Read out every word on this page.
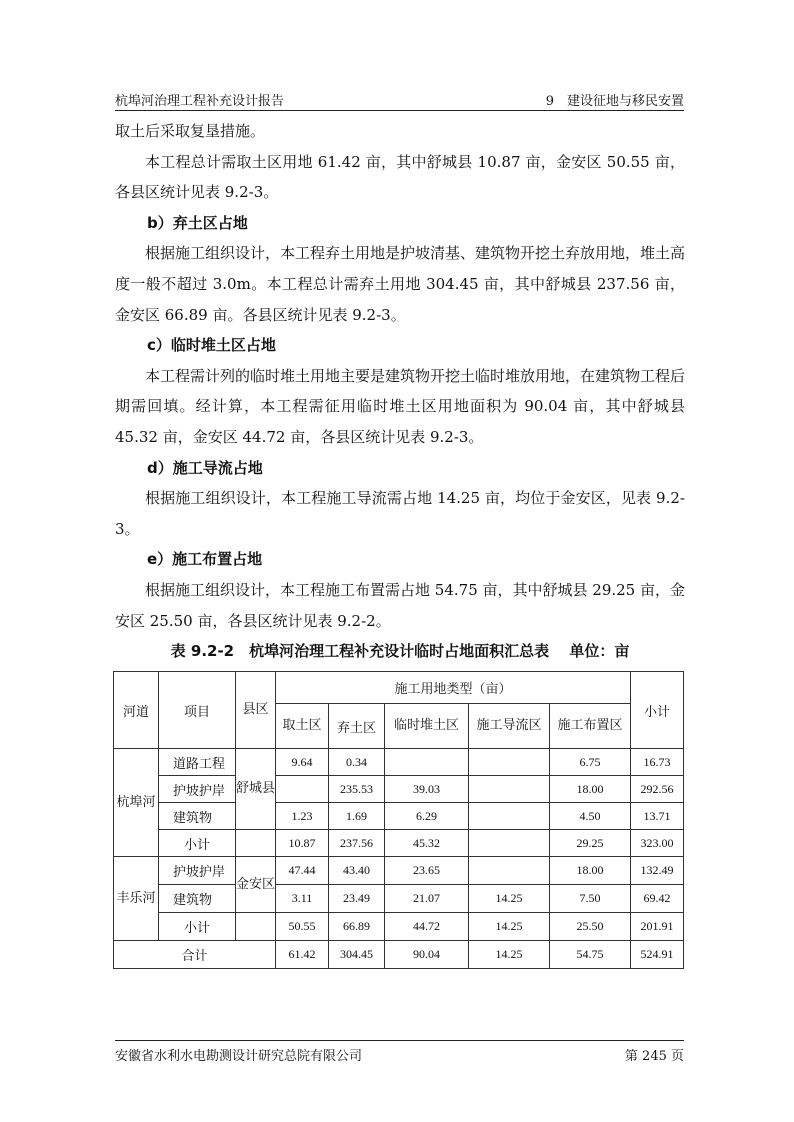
杭埠河治理工程补充设计报告	9　建设征地与移民安置

取土后采取复垦措施。

本工程总计需取土区用地 61.42 亩，其中舒城县 10.87 亩，金安区 50.55 亩，各县区统计见表 9.2-3。

b）弃土区占地

根据施工组织设计，本工程弃土用地是护坡清基、建筑物开挖土弃放用地，堆土高度一般不超过 3.0m。本工程总计需弃土用地 304.45 亩，其中舒城县 237.56 亩，金安区 66.89 亩。各县区统计见表 9.2-3。

c）临时堆土区占地

本工程需计列的临时堆土用地主要是建筑物开挖土临时堆放用地，在建筑物工程后期需回填。经计算，本工程需征用临时堆土区用地面积为 90.04 亩，其中舒城县 45.32 亩，金安区 44.72 亩，各县区统计见表 9.2-3。

d）施工导流占地

根据施工组织设计，本工程施工导流需占地 14.25 亩，均位于金安区，见表 9.2-3。

e）施工布置占地

根据施工组织设计，本工程施工布置需占地 54.75 亩，其中舒城县 29.25 亩，金安区 25.50 亩，各县区统计见表 9.2-2。

表 9.2-2　杭埠河治理工程补充设计临时占地面积汇总表　 单位：亩
河道	项目	县区	施工用地类型（亩）					小计
			取土区	弃土区	临时堆土区	施工导流区	施工布置区	
杭埠河	道路工程	舒城县	9.64	0.34			6.75	16.73
	护坡护岸			235.53	39.03		18.00	292.56
	建筑物		1.23	1.69	6.29		4.50	13.71
	小计		10.87	237.56	45.32		29.25	323.00
丰乐河	护坡护岸	金安区	47.44	43.40	23.65		18.00	132.49
	建筑物		3.11	23.49	21.07	14.25	7.50	69.42
	小计		50.55	66.89	44.72	14.25	25.50	201.91
合计			61.42	304.45	90.04	14.25	54.75	524.91
安徽省水利水电勘测设计研究总院有限公司	第 245 页
